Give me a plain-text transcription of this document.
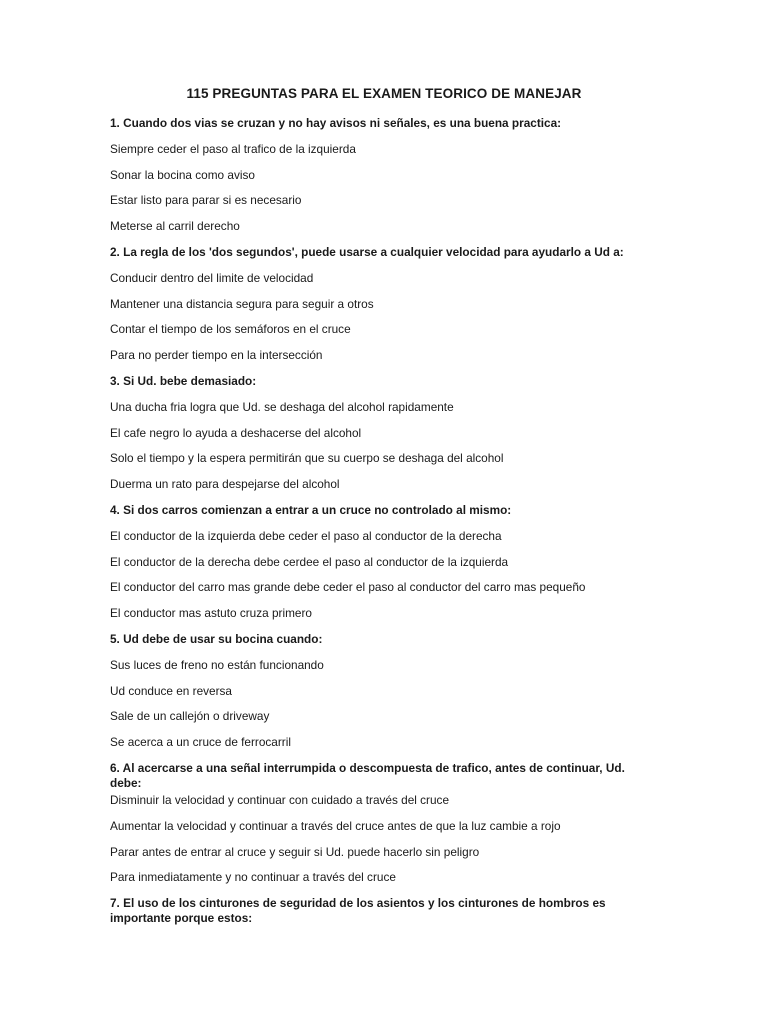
115 PREGUNTAS PARA EL EXAMEN TEORICO DE MANEJAR
1. Cuando dos vias se cruzan y no hay avisos ni señales, es una buena practica:
Siempre ceder el paso al trafico de la izquierda
Sonar la bocina como aviso
Estar listo para parar si es necesario
Meterse al carril derecho
2. La regla de los 'dos segundos', puede usarse a cualquier velocidad para ayudarlo a Ud a:
Conducir dentro del limite de velocidad
Mantener una distancia segura para seguir a otros
Contar el tiempo de los semáforos en el cruce
Para no perder tiempo en la intersección
3. Si Ud. bebe demasiado:
Una ducha fria logra que Ud. se deshaga del alcohol rapidamente
El cafe negro lo ayuda a deshacerse del alcohol
Solo el tiempo y la espera permitirán que su cuerpo se deshaga del alcohol
Duerma un rato para despejarse del alcohol
4. Si dos carros comienzan a entrar a un cruce no controlado al mismo:
El conductor de la izquierda debe ceder el paso al conductor de la derecha
El conductor de la derecha debe cerdee el paso al conductor de la izquierda
El conductor del carro mas grande debe ceder el paso al conductor del carro mas pequeño
El conductor mas astuto cruza primero
5. Ud debe de usar su bocina cuando:
Sus luces de freno no están funcionando
Ud conduce en reversa
Sale de un callejón o driveway
Se acerca a un cruce de ferrocarril
6. Al acercarse a una señal interrumpida o descompuesta de trafico, antes de continuar, Ud. debe:
Disminuir la velocidad y continuar con cuidado a través del cruce
Aumentar la velocidad y continuar a través del cruce antes de que la luz cambie a rojo
Parar antes de entrar al cruce y seguir si Ud. puede hacerlo sin peligro
Para inmediatamente y no continuar a través del cruce
7. El uso de los cinturones de seguridad de los asientos y los cinturones de hombros es importante porque estos:
